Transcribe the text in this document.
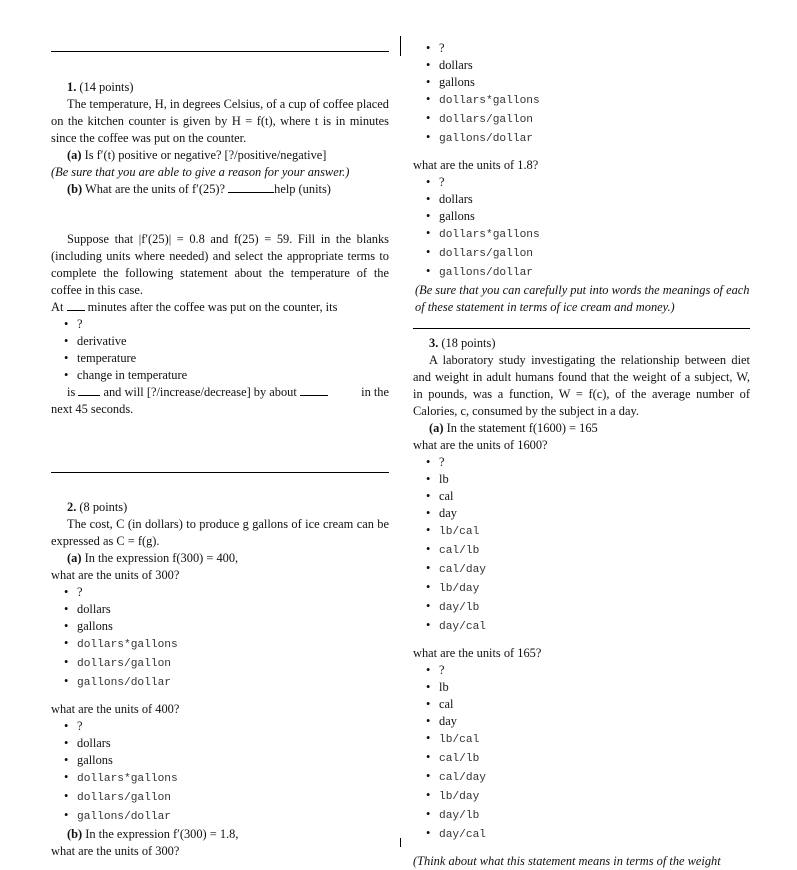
1. (14 points)
The temperature, H, in degrees Celsius, of a cup of coffee placed on the kitchen counter is given by H = f(t), where t is in minutes since the coffee was put on the counter.
(a) Is f′(t) positive or negative? [?/positive/negative]
(Be sure that you are able to give a reason for your answer.)
(b) What are the units of f′(25)?	help (units)
Suppose that |f′(25)| = 0.8 and f(25) = 59. Fill in the blanks (including units where needed) and select the appropriate terms to complete the following statement about the temperature of the coffee in this case.
At minutes after the coffee was put on the counter, its
• ?
• derivative
• temperature
• change in temperature
is and will [?/increase/decrease] by about	in the
next 45 seconds.
2. (8 points)
The cost, C (in dollars) to produce g gallons of ice cream can be expressed as C = f(g).
(a) In the expression f(300) = 400,
what are the units of 300?
• ?
• dollars
• gallons
• dollars*gallons
• dollars/gallon
• gallons/dollar
what are the units of 400?
• ?
• dollars
• gallons
• dollars*gallons
• dollars/gallon
• gallons/dollar
(b) In the expression f′(300) = 1.8,
what are the units of 300?
• ?
• dollars
• gallons
• dollars*gallons
• dollars/gallon
• gallons/dollar
what are the units of 1.8?
• ?
• dollars
• gallons
• dollars*gallons
• dollars/gallon
• gallons/dollar
(Be sure that you can carefully put into words the meanings of each of these statement in terms of ice cream and money.)
3. (18 points)
A laboratory study investigating the relationship between diet and weight in adult humans found that the weight of a subject, W, in pounds, was a function, W = f(c), of the average number of Calories, c, consumed by the subject in a day.
(a) In the statement f(1600) = 165
what are the units of 1600?
• ?
• lb
• cal
• day
• lb/cal
• cal/lb
• cal/day
• lb/day
• day/lb
• day/cal
what are the units of 165?
• ?
• lb
• cal
• day
• lb/cal
• cal/lb
• cal/day
• lb/day
• day/lb
• day/cal
(Think about what this statement means in terms of the weight
